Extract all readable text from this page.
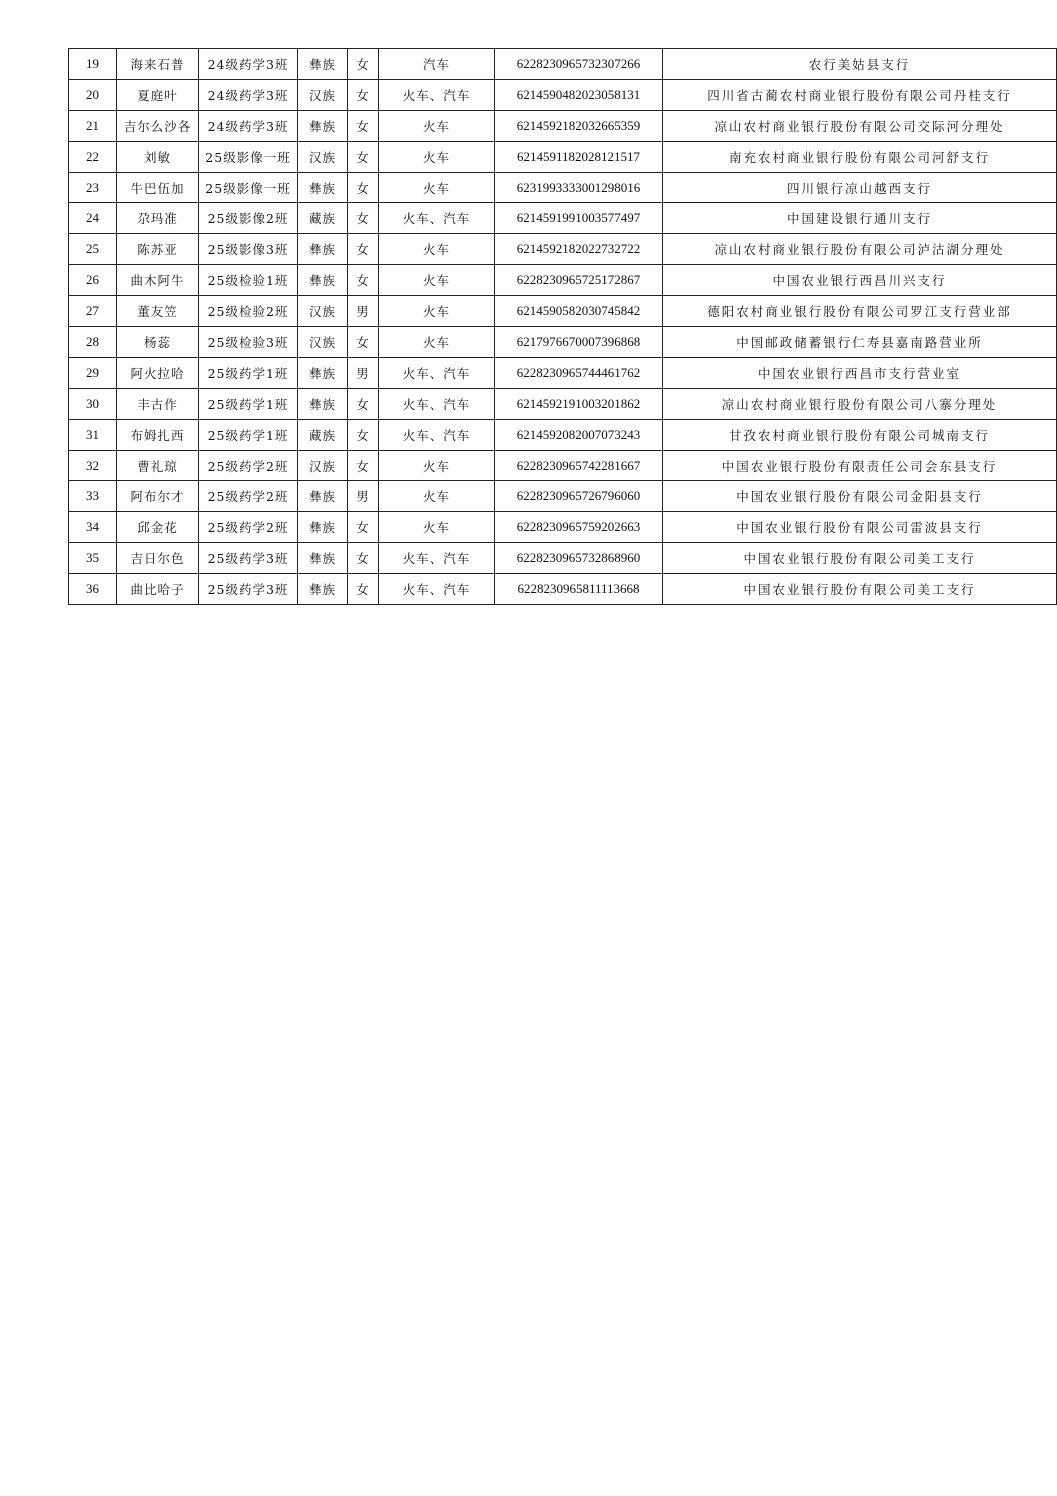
19	海来石普	24级药学3班	彝族	女	汽车	6228230965732307266	农行美姑县支行
20	夏庭叶	24级药学3班	汉族	女	火车、汽车	6214590482023058131	四川省古蔺农村商业银行股份有限公司丹桂支行
21	吉尔么沙各	24级药学3班	彝族	女	火车	6214592182032665359	凉山农村商业银行股份有限公司交际河分理处
22	刘敏	25级影像一班	汉族	女	火车	6214591182028121517	南充农村商业银行股份有限公司河舒支行
23	牛巴伍加	25级影像一班	彝族	女	火车	6231993333001298016	四川银行凉山越西支行
24	尕玛准	25级影像2班	藏族	女	火车、汽车	6214591991003577497	中国建设银行通川支行
25	陈苏亚	25级影像3班	彝族	女	火车	6214592182022732722	凉山农村商业银行股份有限公司泸沽湖分理处
26	曲木阿牛	25级检验1班	彝族	女	火车	6228230965725172867	中国农业银行西昌川兴支行
27	董友笠	25级检验2班	汉族	男	火车	6214590582030745842	德阳农村商业银行股份有限公司罗江支行营业部
28	杨蕊	25级检验3班	汉族	女	火车	6217976670007396868	中国邮政储蓄银行仁寿县嘉南路营业所
29	阿火拉哈	25级药学1班	彝族	男	火车、汽车	6228230965744461762	中国农业银行西昌市支行营业室
30	丰古作	25级药学1班	彝族	女	火车、汽车	6214592191003201862	凉山农村商业银行股份有限公司八寨分理处
31	布姆扎西	25级药学1班	藏族	女	火车、汽车	6214592082007073243	甘孜农村商业银行股份有限公司城南支行
32	曹礼琼	25级药学2班	汉族	女	火车	6228230965742281667	中国农业银行股份有限责任公司会东县支行
33	阿布尔才	25级药学2班	彝族	男	火车	6228230965726796060	中国农业银行股份有限公司金阳县支行
34	邱金花	25级药学2班	彝族	女	火车	6228230965759202663	中国农业银行股份有限公司雷波县支行
35	吉日尔色	25级药学3班	彝族	女	火车、汽车	6228230965732868960	中国农业银行股份有限公司美工支行
36	曲比哈子	25级药学3班	彝族	女	火车、汽车	6228230965811113668	中国农业银行股份有限公司美工支行
